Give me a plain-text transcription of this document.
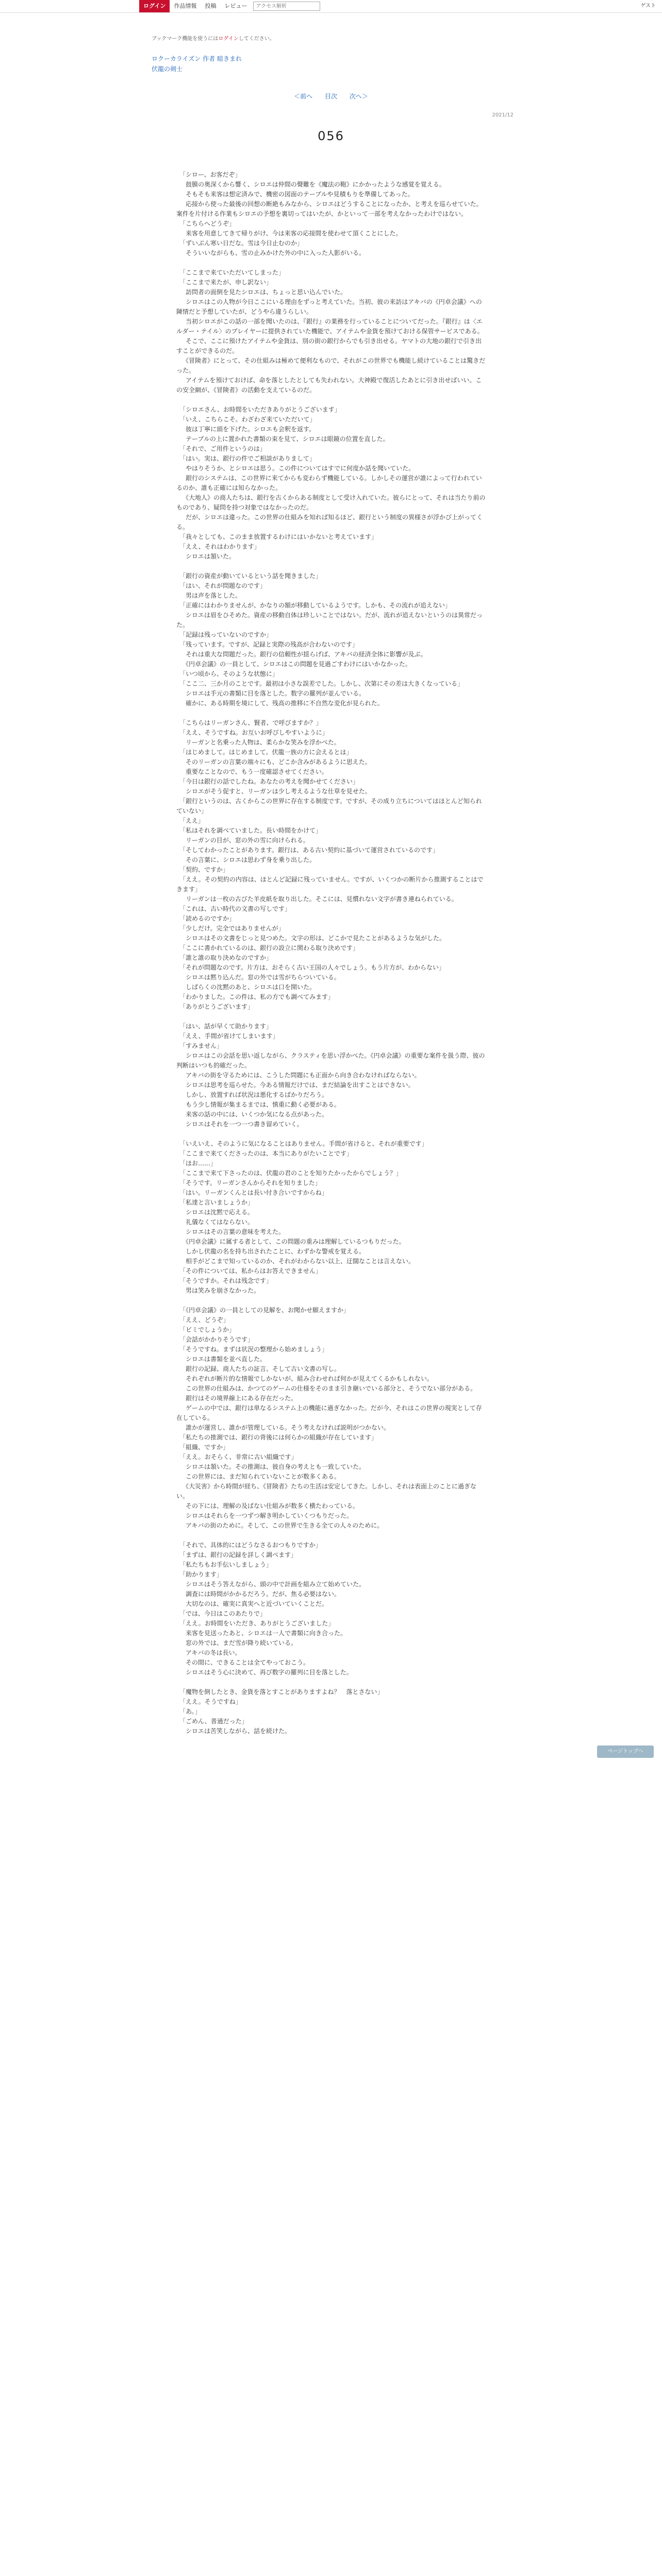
ログイン	作品情報	投稿	レビュー
アクセス解析	ゲスト
ブックマーク機能を使うにはログインしてください。
ロクーカライズン 作者 暗きまれ
伏龍の剣士
＜前へ 目次 次へ＞
2021/12
056

「シロー、お客だぞ」

　鼓膜の奥深くから響く、シロエは仲間の聲難を《魔法の鞄》にかかったような感覚を覚える。

　そもそも来客は想定済みで、機密の図面のテーブルや見積もりを準備してあった。

　応接から使った最後の回想の断絶もみなから、シロエはどうすることになったか、と考えを巡らせていた。案件を片付ける作業もシロエの予想を裏切ってはいたが、かといって一部を考えなかったわけではない。

「こちらへどうぞ」

　来客を用意してきて帰りがけ、今は来客の応接間を使わせて頂くことにした。

「ずいぶん寒い日だな。雪は今日止むのか」

　そういいながらも、雪の止みかけた外の中に入った人影がいる。

「ここまで来ていただいてしまった」

「ここまで来たが、申し訳ない」

　訪問者の面倒を見たシロエは、ちょっと思い込んでいた。

　シロエはこの人物が今日ここにいる理由をずっと考えていた。当初、彼の来訪はアキバの《円卓会議》への陳情だと予想していたが、どうやら違うらしい。

　当初シロエがこの話の一部を聞いたのは、『銀行』の業務を行っていることについてだった。『銀行』は〈エルダー・テイル〉のプレイヤーに提供されていた機能で、アイテムや金貨を預けておける保管サービスである。

　そこで、ここに預けたアイテムや金貨は、別の街の銀行からでも引き出せる。ヤマトの大地の銀行で引き出すことができるのだ。

　《冒険者》にとって、その仕組みは極めて便利なもので、それがこの世界でも機能し続けていることは驚きだった。

　アイテムを預けておけば、命を落としたとしても失われない。大神殿で復活したあとに引き出せばいい。この安全網が、《冒険者》の活動を支えているのだ。

「シロエさん、お時間をいただきありがとうございます」

「いえ、こちらこそ。わざわざ来ていただいて」

　彼は丁寧に頭を下げた。シロエも会釈を返す。

　テーブルの上に置かれた書類の束を見て、シロエは眼鏡の位置を直した。

「それで、ご用件というのは」

「はい。実は、銀行の件でご相談がありまして」

　やはりそうか、とシロエは思う。この件についてはすでに何度か話を聞いていた。

　銀行のシステムは、この世界に来てからも変わらず機能している。しかしその運営が誰によって行われているのか、誰も正確には知らなかった。

　《大地人》の商人たちは、銀行を古くからある制度として受け入れていた。彼らにとって、それは当たり前のものであり、疑問を持つ対象ではなかったのだ。

　だが、シロエは違った。この世界の仕組みを知れば知るほど、銀行という制度の異様さが浮かび上がってくる。

「我々としても、このまま放置するわけにはいかないと考えています」

「ええ、それはわかります」

　シロエは頷いた。

「銀行の資産が動いているという話を聞きました」

「はい、それが問題なのです」

　男は声を落とした。

「正確にはわかりませんが、かなりの額が移動しているようです。しかも、その流れが追えない」

　シロエは眉をひそめた。資産の移動自体は珍しいことではない。だが、流れが追えないというのは異常だった。

「記録は残っていないのですか」

「残っています。ですが、記録と実際の残高が合わないのです」

　それは重大な問題だった。銀行の信頼性が揺らげば、アキバの経済全体に影響が及ぶ。

　《円卓会議》の一員として、シロエはこの問題を見過ごすわけにはいかなかった。

「いつ頃から、そのような状態に」

「ここ二、三か月のことです。最初は小さな誤差でした。しかし、次第にその差は大きくなっている」

　シロエは手元の書類に目を落とした。数字の羅列が並んでいる。

　確かに、ある時期を境にして、残高の推移に不自然な変化が見られた。

「こちらはリーガンさん、賢者、で呼びますか？」

「ええ、そうですね。お互いお呼びしやすいように」

　リーガンと名乗った人物は、柔らかな笑みを浮かべた。

「はじめまして。はじめまして。伏龍一族の方に会えるとは」

　そのリーガンの言葉の端々にも、どこか含みがあるように思えた。

　重要なことなので、もう一度確認させてください。

「今日は銀行の話でしたね。あなたの考えを聞かせてください」

　シロエがそう促すと、リーガンは少し考えるような仕草を見せた。

「銀行というのは、古くからこの世界に存在する制度です。ですが、その成り立ちについてはほとんど知られていない」

「ええ」

「私はそれを調べていました。長い時間をかけて」

　リーガンの目が、窓の外の雪に向けられる。

「そしてわかったことがあります。銀行は、ある古い契約に基づいて運営されているのです」

　その言葉に、シロエは思わず身を乗り出した。

「契約、ですか」

「ええ。その契約の内容は、ほとんど記録に残っていません。ですが、いくつかの断片から推測することはできます」

　リーガンは一枚の古びた羊皮紙を取り出した。そこには、見慣れない文字が書き連ねられている。

「これは、古い時代の文書の写しです」

「読めるのですか」

「少しだけ。完全ではありませんが」

　シロエはその文書をじっと見つめた。文字の形は、どこかで見たことがあるような気がした。

「ここに書かれているのは、銀行の設立に関わる取り決めです」

「誰と誰の取り決めなのですか」

「それが問題なのです。片方は、おそらく古い王国の人々でしょう。もう片方が、わからない」

　シロエは黙り込んだ。窓の外では雪がちらついている。

　しばらくの沈黙のあと、シロエは口を開いた。

「わかりました。この件は、私の方でも調べてみます」

「ありがとうございます」

「はい、話が早くて助かります」

「ええ、手間が省けてしまいます」

「すみません」

　シロエはこの会話を思い返しながら、クラスティを思い浮かべた。《円卓会議》の重要な案件を扱う際、彼の判断はいつも的確だった。

　アキバの街を守るためには、こうした問題にも正面から向き合わなければならない。

　シロエは思考を巡らせた。今ある情報だけでは、まだ結論を出すことはできない。

　しかし、放置すれば状況は悪化するばかりだろう。

　もう少し情報が集まるまでは、慎重に動く必要がある。

　来客の話の中には、いくつか気になる点があった。

　シロエはそれを一つ一つ書き留めていく。

「いえいえ、そのように気になることはありません。手間が省けると、それが重要です」

「ここまで来てくださったのは、本当にありがたいことです」

「ほお……」

「ここまで来て下さったのは、伏龍の君のことを知りたかったからでしょう？」

「そうです。リーガンさんからそれを知りました」

「はい。リーガンくんとは長い付き合いですからね」

「私達と言いましょうか」

　シロエは沈黙で応える。

　礼儀なくてはならない。

　シロエはその言葉の意味を考えた。

　《円卓会議》に属する者として、この問題の重みは理解しているつもりだった。

　しかし伏龍の名を持ち出されたことに、わずかな警戒を覚える。

　相手がどこまで知っているのか、それがわからない以上、迂闊なことは言えない。

「その件については、私からはお答えできません」

「そうですか。それは残念です」

　男は笑みを崩さなかった。

「《円卓会議》の一員としての見解を、お聞かせ願えますか」

「ええ、どうぞ」

「ビミでしょうか」

「会話がかかりそうです」

「そうですね。まずは状況の整理から始めましょう」

　シロエは書類を並べ直した。

　銀行の記録、商人たちの証言、そして古い文書の写し。

　それぞれが断片的な情報でしかないが、組み合わせれば何かが見えてくるかもしれない。

　この世界の仕組みは、かつてのゲームの仕様をそのまま引き継いでいる部分と、そうでない部分がある。

　銀行はその境界線上にある存在だった。

　ゲームの中では、銀行は単なるシステム上の機能に過ぎなかった。だが今、それはこの世界の現実として存在している。

　誰かが運営し、誰かが管理している。そう考えなければ説明がつかない。

「私たちの推測では、銀行の背後には何らかの組織が存在しています」

「組織、ですか」

「ええ。おそらく、非常に古い組織です」

　シロエは頷いた。その推測は、彼自身の考えとも一致していた。

　この世界には、まだ知られていないことが数多くある。

　《大災害》から時間が経ち、《冒険者》たちの生活は安定してきた。しかし、それは表面上のことに過ぎない。

　その下には、理解の及ばない仕組みが数多く横たわっている。

　シロエはそれらを一つずつ解き明かしていくつもりだった。

　アキバの街のために。そして、この世界で生きる全ての人々のために。

「それで、具体的にはどうなさるおつもりですか」

「まずは、銀行の記録を詳しく調べます」

「私たちもお手伝いしましょう」

「助かります」

　シロエはそう答えながら、頭の中で計画を組み立て始めていた。

　調査には時間がかかるだろう。だが、焦る必要はない。

　大切なのは、確実に真実へと近づいていくことだ。

「では、今日はこのあたりで」

「ええ。お時間をいただき、ありがとうございました」

　来客を見送ったあと、シロエは一人で書類に向き合った。

　窓の外では、まだ雪が降り続いている。

　アキバの冬は長い。

　その間に、できることは全てやっておこう。

　シロエはそう心に決めて、再び数字の羅列に目を落とした。

「魔物を倒したとき、金貨を落とすことがありますよね？　落とさない」

「ええ。そうですね」

「あ。」

「ごめん、普通だった」

　シロエは苦笑しながら、話を続けた。

ページトップへ
